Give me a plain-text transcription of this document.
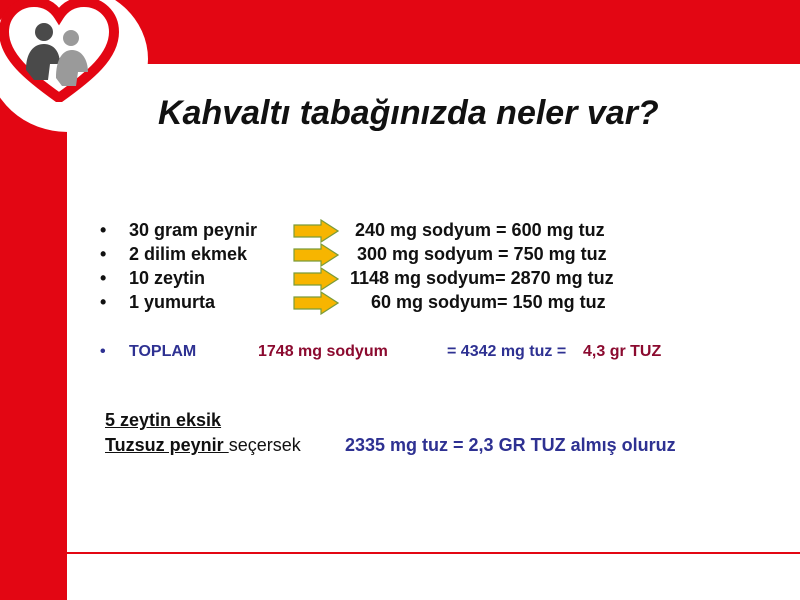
Kahvaltı tabağınızda neler var?
• 30 gram peynir	240 mg sodyum = 600 mg tuz
• 2 dilim ekmek	300 mg sodyum = 750 mg tuz
• 10 zeytin	1148 mg sodyum= 2870 mg tuz
• 1 yumurta	60 mg sodyum= 150 mg tuz
• TOPLAM	1748 mg sodyum	= 4342 mg tuz = 4,3 gr TUZ
5 zeytin eksik
Tuzsuz peynir seçersek 2335 mg tuz = 2,3 GR TUZ almış oluruz
